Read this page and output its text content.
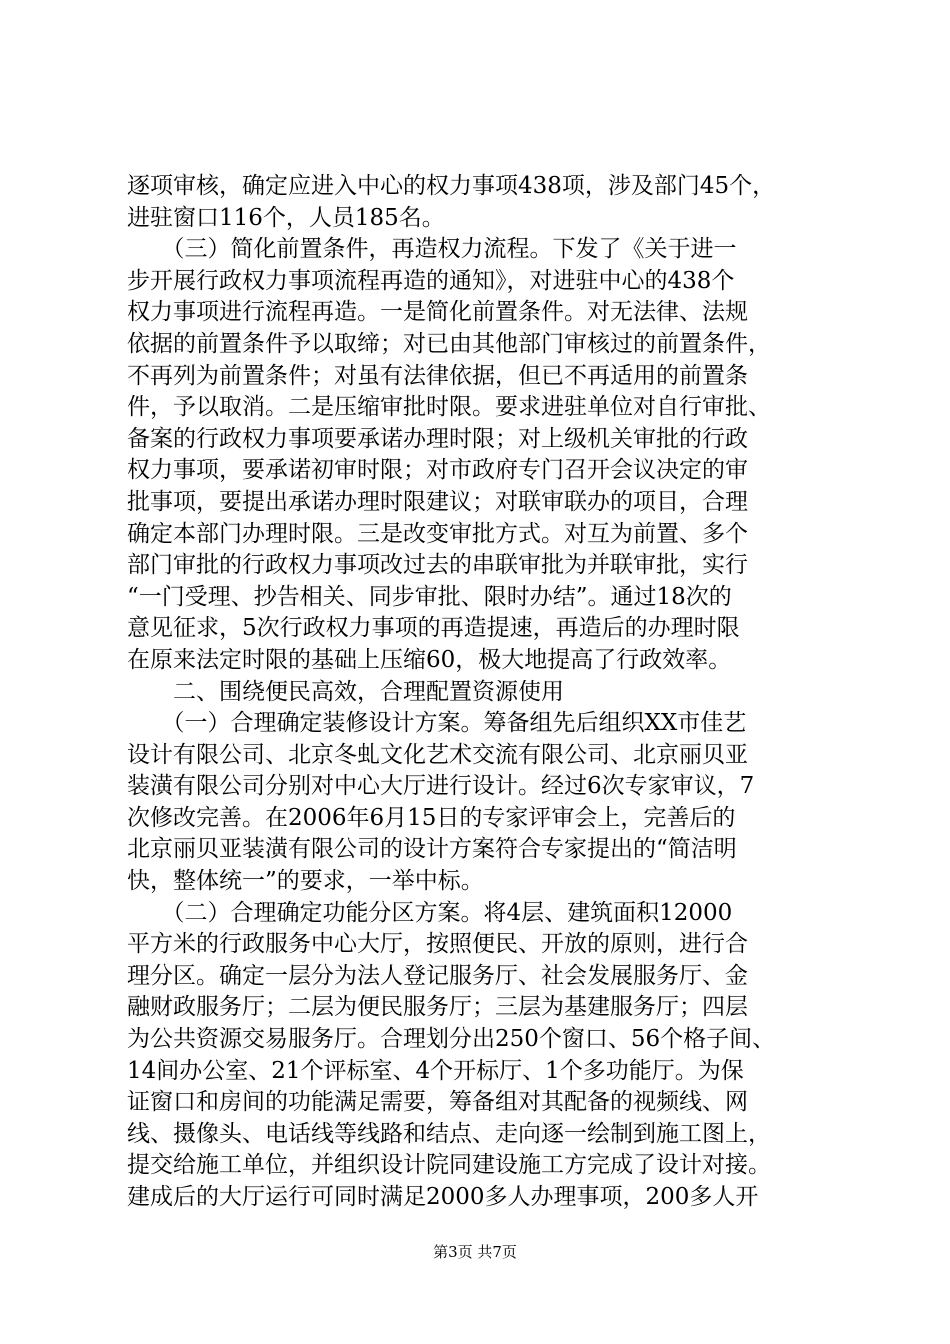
逐项审核，确定应进入中心的权力事项438项，涉及部门45个，
进驻窗口116个，人员185名。
　　（三）简化前置条件，再造权力流程。下发了《关于进一
步开展行政权力事项流程再造的通知》，对进驻中心的438个
权力事项进行流程再造。一是简化前置条件。对无法律、法规
依据的前置条件予以取缔；对已由其他部门审核过的前置条件，
不再列为前置条件；对虽有法律依据，但已不再适用的前置条
件，予以取消。二是压缩审批时限。要求进驻单位对自行审批、
备案的行政权力事项要承诺办理时限；对上级机关审批的行政
权力事项，要承诺初审时限；对市政府专门召开会议决定的审
批事项，要提出承诺办理时限建议；对联审联办的项目，合理
确定本部门办理时限。三是改变审批方式。对互为前置、多个
部门审批的行政权力事项改过去的串联审批为并联审批，实行
“一门受理、抄告相关、同步审批、限时办结”。通过18次的
意见征求，5次行政权力事项的再造提速，再造后的办理时限
在原来法定时限的基础上压缩60，极大地提高了行政效率。
　　二、围绕便民高效，合理配置资源使用
　　（一）合理确定装修设计方案。筹备组先后组织XX市佳艺
设计有限公司、北京冬虬文化艺术交流有限公司、北京丽贝亚
装潢有限公司分别对中心大厅进行设计。经过6次专家审议，7
次修改完善。在2006年6月15日的专家评审会上，完善后的
北京丽贝亚装潢有限公司的设计方案符合专家提出的“简洁明
快，整体统一”的要求，一举中标。
　　（二）合理确定功能分区方案。将4层、建筑面积12000
平方米的行政服务中心大厅，按照便民、开放的原则，进行合
理分区。确定一层分为法人登记服务厅、社会发展服务厅、金
融财政服务厅；二层为便民服务厅；三层为基建服务厅；四层
为公共资源交易服务厅。合理划分出250个窗口、56个格子间、
14间办公室、21个评标室、4个开标厅、1个多功能厅。为保
证窗口和房间的功能满足需要，筹备组对其配备的视频线、网
线、摄像头、电话线等线路和结点、走向逐一绘制到施工图上，
提交给施工单位，并组织设计院同建设施工方完成了设计对接。
建成后的大厅运行可同时满足2000多人办理事项，200多人开
第3页 共7页
